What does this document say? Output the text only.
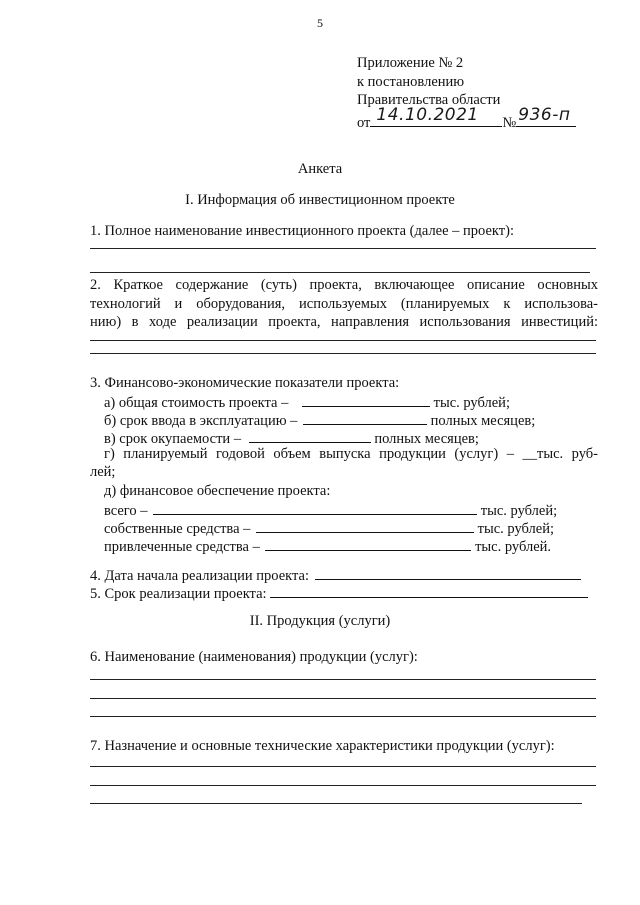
5
Приложение № 2
к постановлению
Правительства области
от 14.10.2021 № 936-п
Анкета
I. Информация об инвестиционном проекте
1. Полное наименование инвестиционного проекта (далее – проект):
2. Краткое содержание (суть) проекта, включающее описание основных
технологий и оборудования, используемых (планируемых к использова-
нию) в ходе реализации проекта, направления использования инвестиций:
3. Финансово-экономические показатели проекта:
а) общая стоимость проекта –	тыс. рублей;
б) срок ввода в эксплуатацию –	полных месяцев;
в) срок окупаемости –	полных месяцев;
г) планируемый годовой объем выпуска продукции (услуг) – __тыс. руб-
лей;
д) финансовое обеспечение проекта:
всего –	тыс. рублей;
собственные средства –	тыс. рублей;
привлеченные средства –	тыс. рублей.
4. Дата начала реализации проекта:
5. Срок реализации проекта:
II. Продукция (услуги)
6. Наименование (наименования) продукции (услуг):
7. Назначение и основные технические характеристики продукции (услуг):
